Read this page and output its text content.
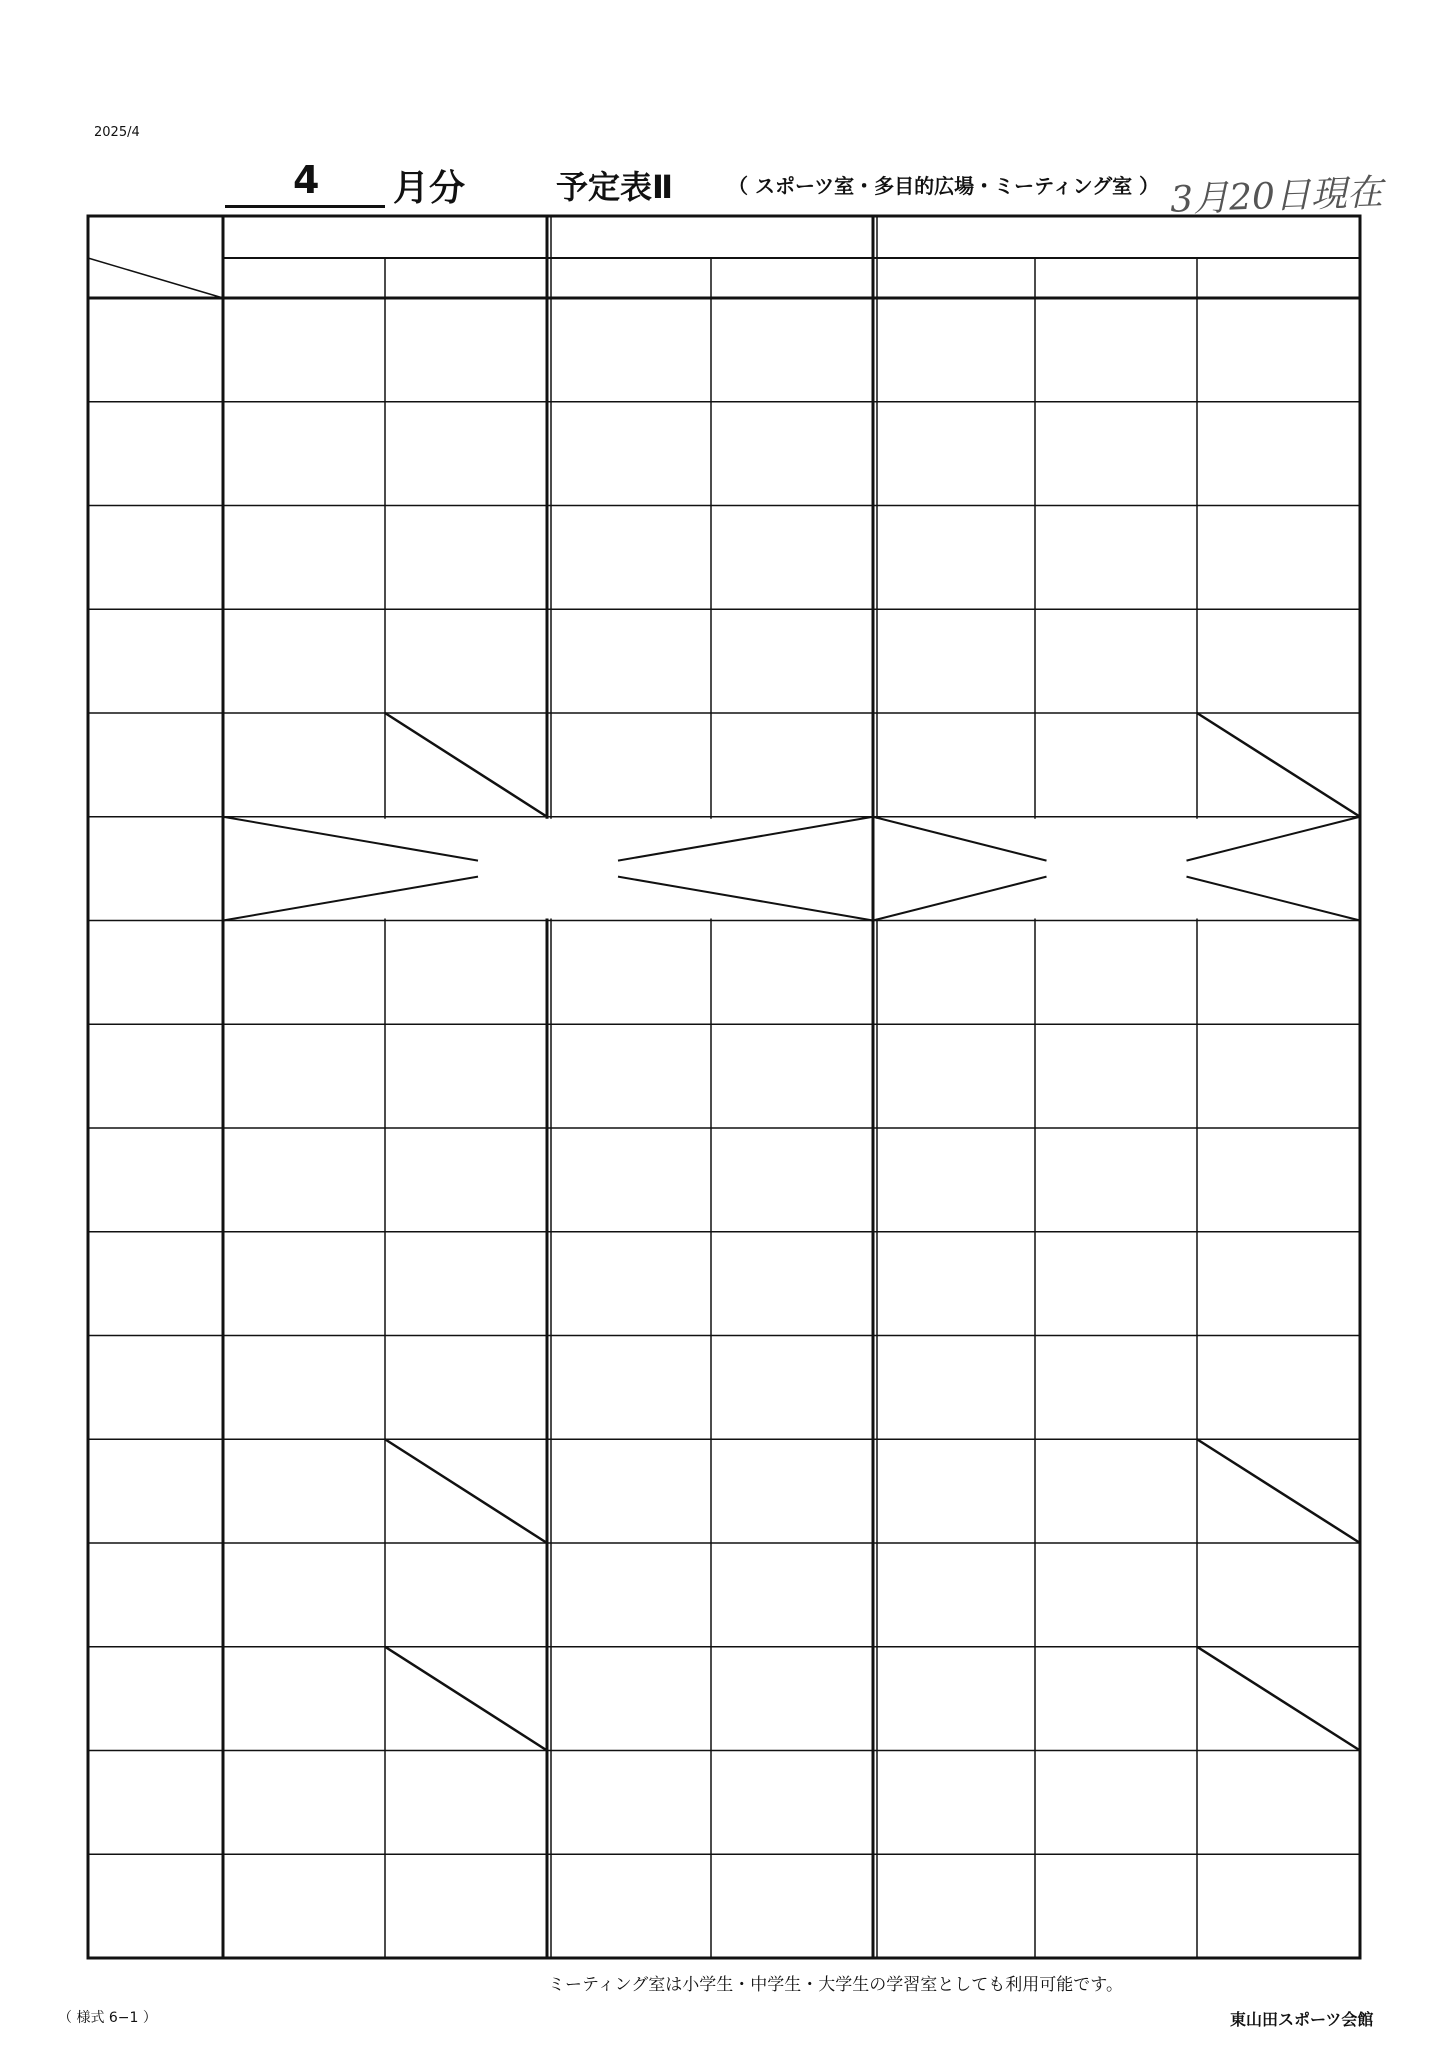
2025/4
4 月分	予定表Ⅱ	（ スポーツ室・多目的広場・ミーティング室 ） 3月20日現在
ミーティング室は小学生・中学生・大学生の学習室としても利用可能です。
（ 様式 6−1 ）	東山田スポーツ会館
